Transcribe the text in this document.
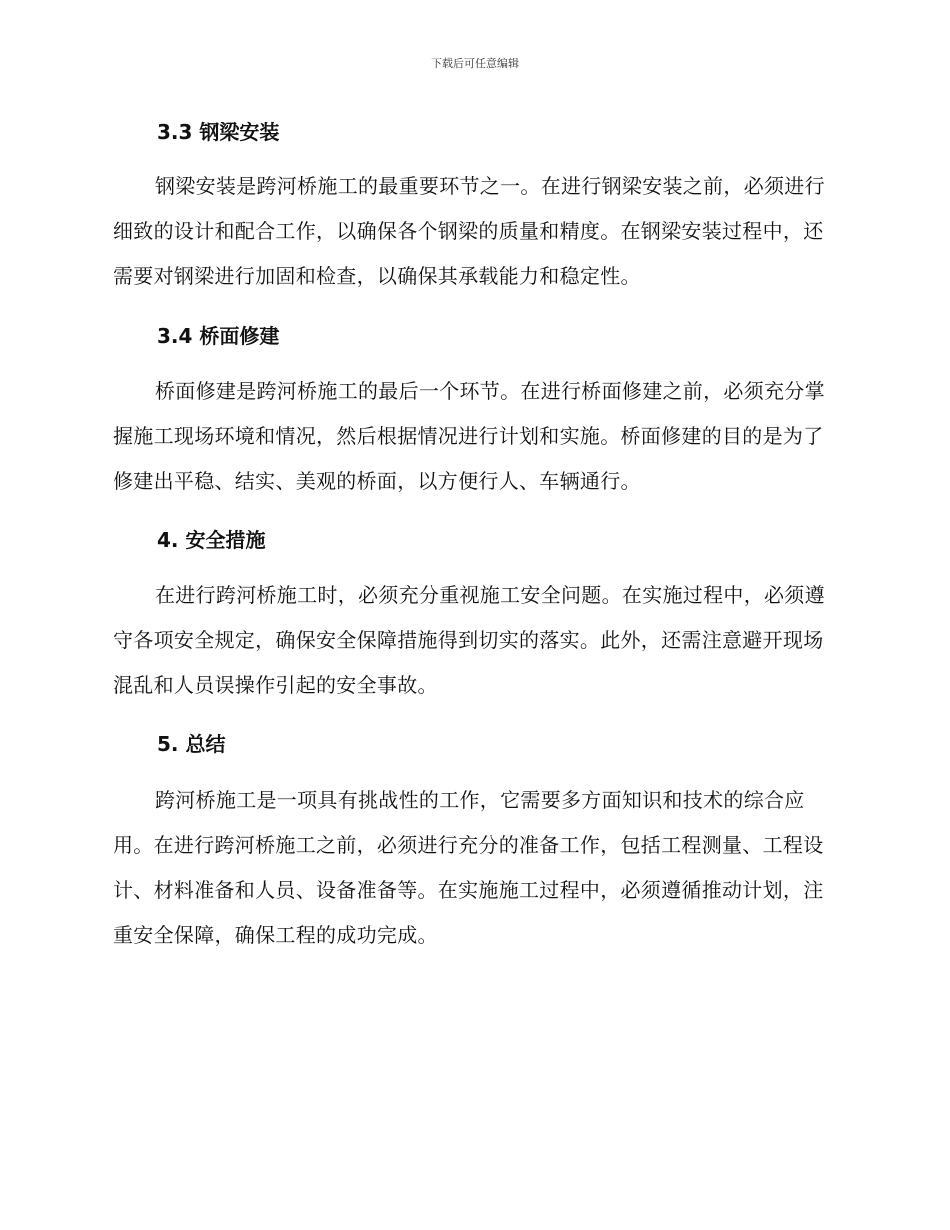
下载后可任意编辑
3.3 钢梁安装

钢梁安装是跨河桥施工的最重要环节之一。在进行钢梁安装之前，必须进行细致的设计和配合工作，以确保各个钢梁的质量和精度。在钢梁安装过程中，还需要对钢梁进行加固和检查，以确保其承载能力和稳定性。

3.4 桥面修建

桥面修建是跨河桥施工的最后一个环节。在进行桥面修建之前，必须充分掌握施工现场环境和情况，然后根据情况进行计划和实施。桥面修建的目的是为了修建出平稳、结实、美观的桥面，以方便行人、车辆通行。

4. 安全措施

在进行跨河桥施工时，必须充分重视施工安全问题。在实施过程中，必须遵守各项安全规定，确保安全保障措施得到切实的落实。此外，还需注意避开现场混乱和人员误操作引起的安全事故。

5. 总结

跨河桥施工是一项具有挑战性的工作，它需要多方面知识和技术的综合应用。在进行跨河桥施工之前，必须进行充分的准备工作，包括工程测量、工程设计、材料准备和人员、设备准备等。在实施施工过程中，必须遵循推动计划，注重安全保障，确保工程的成功完成。
